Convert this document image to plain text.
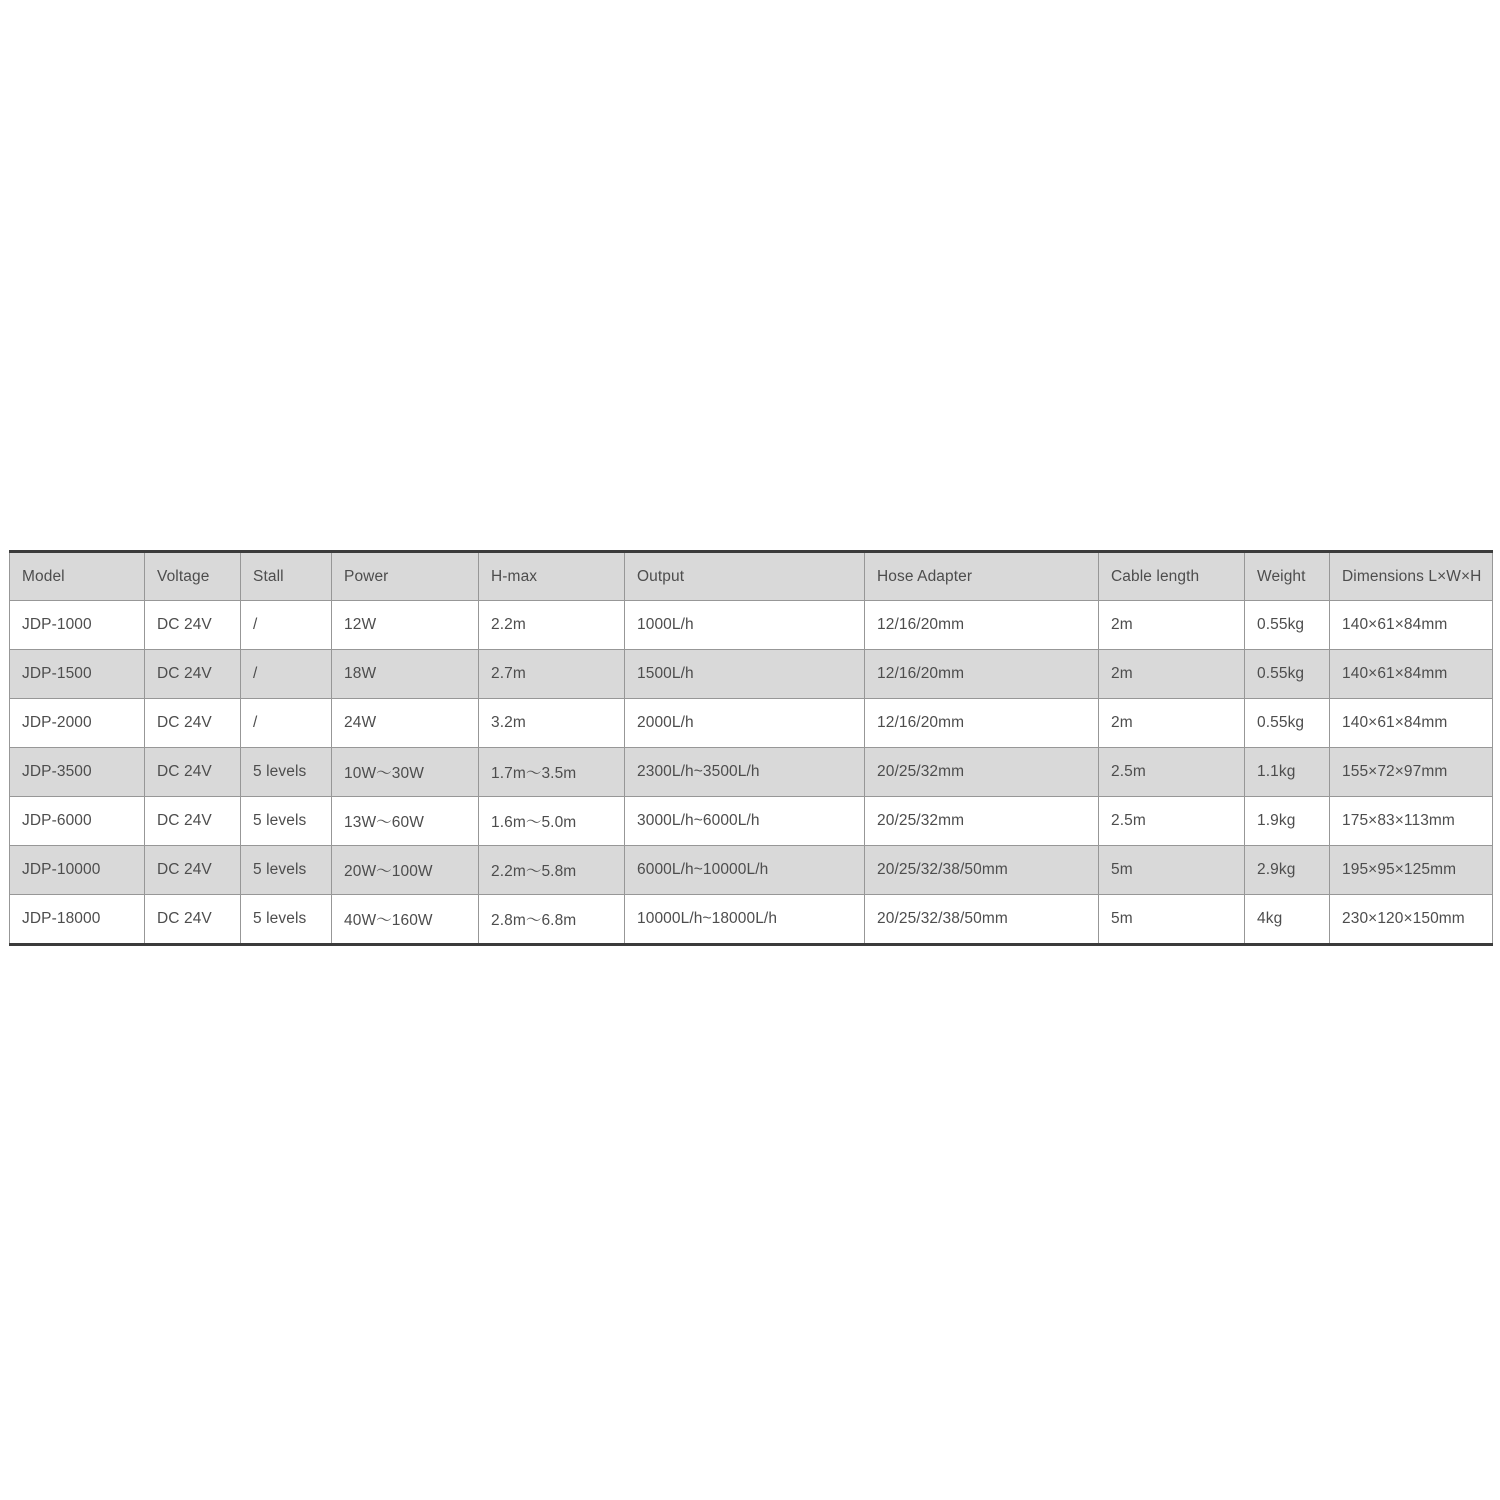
Model	Voltage	Stall	Power	H-max	Output	Hose Adapter	Cable length	Weight	Dimensions L×W×H
JDP-1000	DC 24V	/	12W	2.2m	1000L/h	12/16/20mm	2m	0.55kg	140×61×84mm
JDP-1500	DC 24V	/	18W	2.7m	1500L/h	12/16/20mm	2m	0.55kg	140×61×84mm
JDP-2000	DC 24V	/	24W	3.2m	2000L/h	12/16/20mm	2m	0.55kg	140×61×84mm
JDP-3500	DC 24V	5 levels	10W～30W	1.7m～3.5m	2300L/h~3500L/h	20/25/32mm	2.5m	1.1kg	155×72×97mm
JDP-6000	DC 24V	5 levels	13W～60W	1.6m～5.0m	3000L/h~6000L/h	20/25/32mm	2.5m	1.9kg	175×83×113mm
JDP-10000	DC 24V	5 levels	20W～100W	2.2m～5.8m	6000L/h~10000L/h	20/25/32/38/50mm	5m	2.9kg	195×95×125mm
JDP-18000	DC 24V	5 levels	40W～160W	2.8m～6.8m	10000L/h~18000L/h	20/25/32/38/50mm	5m	4kg	230×120×150mm
